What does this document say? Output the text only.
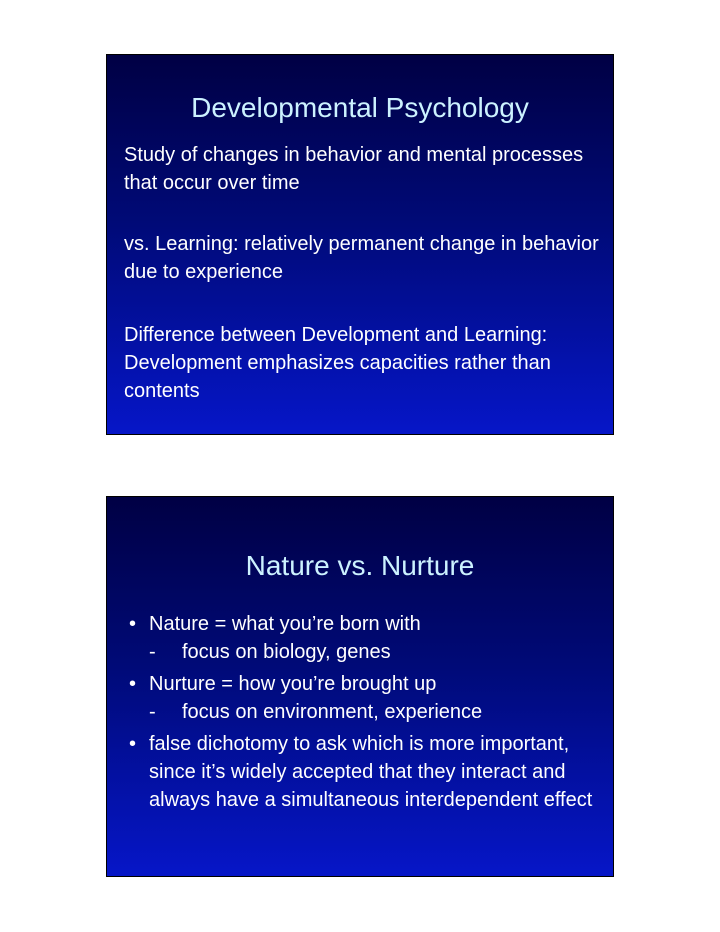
Developmental Psychology

Study of changes in behavior and mental processes that occur over time

vs. Learning: relatively permanent change in behavior due to experience

Difference between Development and Learning: Development emphasizes capacities rather than contents

Nature vs. Nurture
• Nature = what you’re born with
- focus on biology, genes
• Nurture = how you’re brought up
- focus on environment, experience
• false dichotomy to ask which is more important, since it’s widely accepted that they interact and always have a simultaneous interdependent effect
